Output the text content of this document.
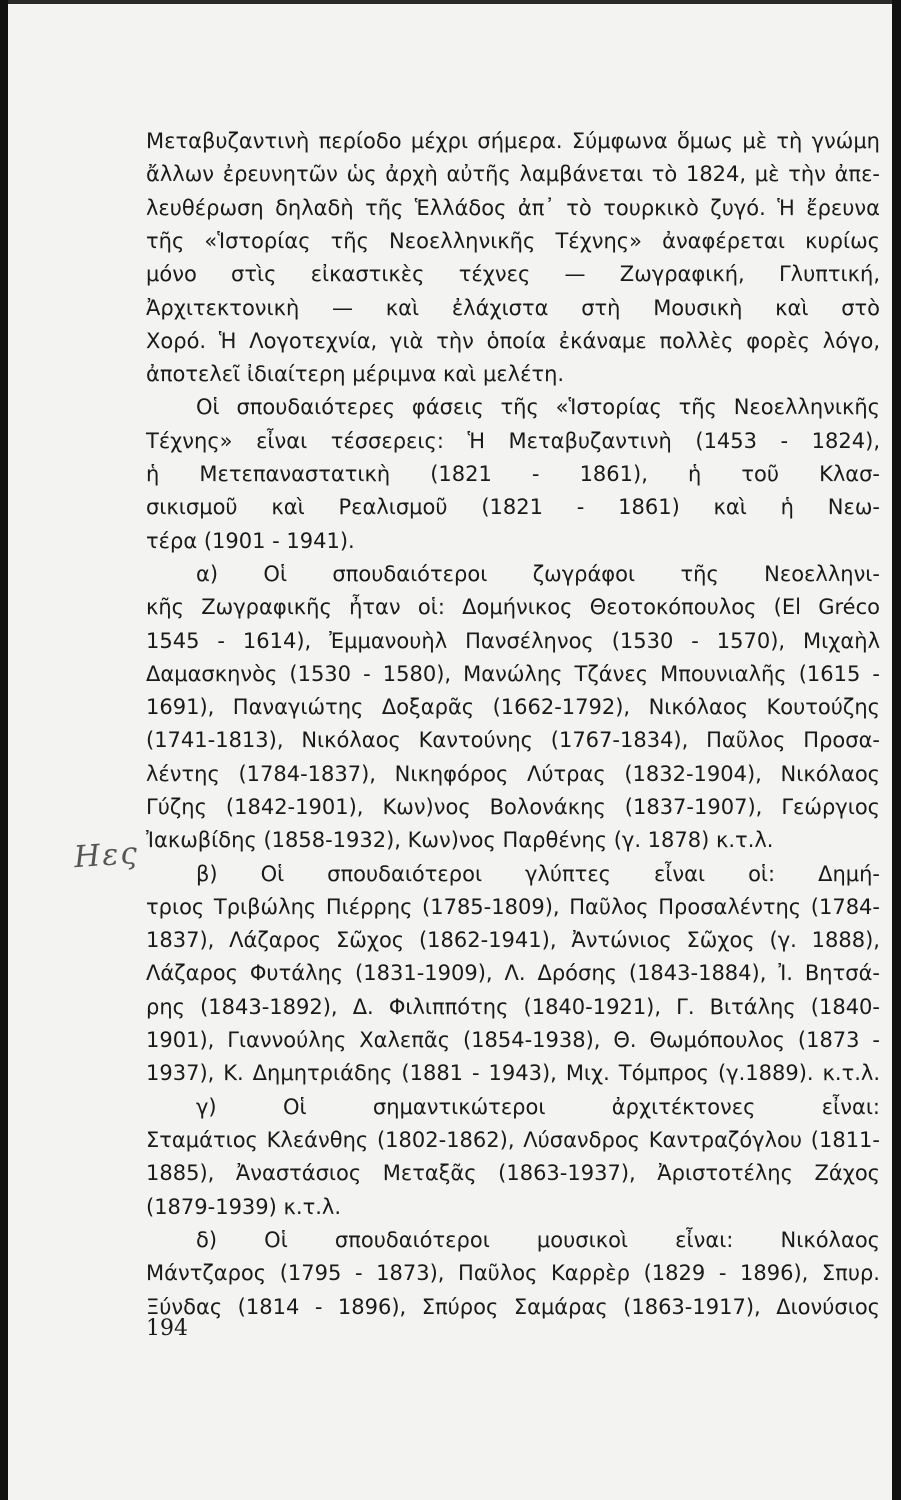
Μεταβυζαντινὴ περίοδο μέχρι σήμερα. Σύμφωνα ὅμως μὲ τὴ γνώμη
ἄλλων ἐρευνητῶν ὡς ἀρχὴ αὐτῆς λαμβάνεται τὸ 1824, μὲ τὴν ἀπε-
λευθέρωση δηλαδὴ τῆς Ἑλλάδος ἀπ᾽ τὸ τουρκικὸ ζυγό. Ἡ ἔρευνα
τῆς «Ἱστορίας τῆς Νεοελληνικῆς Τέχνης» ἀναφέρεται κυρίως
μόνο στὶς εἰκαστικὲς τέχνες — Ζωγραφική, Γλυπτική,
Ἀρχιτεκτονικὴ — καὶ ἐλάχιστα στὴ Μουσικὴ καὶ στὸ
Χορό. Ἡ Λογοτεχνία, γιὰ τὴν ὁποία ἐκάναμε πολλὲς φορὲς λόγο,
ἀποτελεῖ ἰδιαίτερη μέριμνα καὶ μελέτη.
Οἱ σπουδαιότερες φάσεις τῆς «Ἱστορίας τῆς Νεοελληνικῆς
Τέχνης» εἶναι τέσσερεις: Ἡ Μεταβυζαντινὴ (1453 - 1824),
ἡ Μετεπαναστατικὴ (1821 - 1861), ἡ τοῦ Κλασ-
σικισμοῦ καὶ Ρεαλισμοῦ (1821 - 1861) καὶ ἡ Νεω-
τέρα (1901 - 1941).
α) Οἱ σπουδαιότεροι ζωγράφοι τῆς Νεοελληνι-
κῆς Ζωγραφικῆς ἦταν οἱ: Δομήνικος Θεοτοκόπουλος (El Gréco
1545 - 1614), Ἐμμανουὴλ Πανσέληνος (1530 - 1570), Μιχαὴλ
Δαμασκηνὸς (1530 - 1580), Μανώλης Τζάνες Μπουνιαλῆς (1615 -
1691), Παναγιώτης Δοξαρᾶς (1662-1792), Νικόλαος Κουτούζης
(1741-1813), Νικόλαος Καντούνης (1767-1834), Παῦλος Προσα-
λέντης (1784-1837), Νικηφόρος Λύτρας (1832-1904), Νικόλαος
Γύζης (1842-1901), Κων)νος Βολονάκης (1837-1907), Γεώργιος
Ἰακωβίδης (1858-1932), Κων)νος Παρθένης (γ. 1878) κ.τ.λ.
β) Οἱ σπουδαιότεροι γλύπτες εἶναι οἱ: Δημή-
τριος Τριβώλης Πιέρρης (1785-1809), Παῦλος Προσαλέντης (1784-
1837), Λάζαρος Σῶχος (1862-1941), Ἀντώνιος Σῶχος (γ. 1888),
Λάζαρος Φυτάλης (1831-1909), Λ. Δρόσης (1843-1884), Ἰ. Βητσά-
ρης (1843-1892), Δ. Φιλιππότης (1840-1921), Γ. Βιτάλης (1840-
1901), Γιαννούλης Χαλεπᾶς (1854-1938), Θ. Θωμόπουλος (1873 -
1937), Κ. Δημητριάδης (1881 - 1943), Μιχ. Τόμπρος (γ.1889). κ.τ.λ.
γ) Οἱ σημαντικώτεροι ἀρχιτέκτονες εἶναι:
Σταμάτιος Κλεάνθης (1802-1862), Λύσανδρος Καντραζόγλου (1811-
1885), Ἀναστάσιος Μεταξᾶς (1863-1937), Ἀριστοτέλης Ζάχος
(1879-1939) κ.τ.λ.
δ) Οἱ σπουδαιότεροι μουσικοὶ εἶναι: Νικόλαος
Μάντζαρος (1795 - 1873), Παῦλος Καρρὲρ (1829 - 1896), Σπυρ.
Ξύνδας (1814 - 1896), Σπύρος Σαμάρας (1863-1917), Διονύσιος
Ηες
194
